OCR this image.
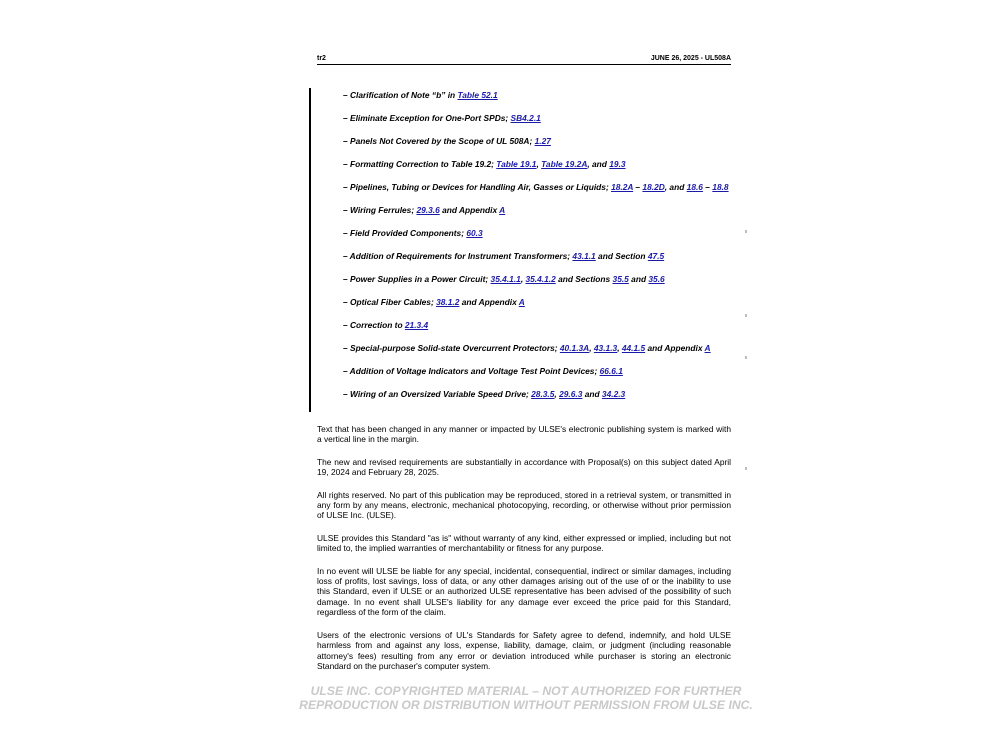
tr2	JUNE 26, 2025 - UL508A
– Clarification of Note “b” in Table 52.1
– Eliminate Exception for One-Port SPDs; SB4.2.1
– Panels Not Covered by the Scope of UL 508A; 1.27
– Formatting Correction to Table 19.2; Table 19.1, Table 19.2A, and 19.3
– Pipelines, Tubing or Devices for Handling Air, Gasses or Liquids; 18.2A – 18.2D, and 18.6 – 18.8
– Wiring Ferrules; 29.3.6 and Appendix A
– Field Provided Components; 60.3
– Addition of Requirements for Instrument Transformers; 43.1.1 and Section 47.5
– Power Supplies in a Power Circuit; 35.4.1.1, 35.4.1.2 and Sections 35.5 and 35.6
– Optical Fiber Cables; 38.1.2 and Appendix A
– Correction to 21.3.4
– Special-purpose Solid-state Overcurrent Protectors; 40.1.3A, 43.1.3, 44.1.5 and Appendix A
– Addition of Voltage Indicators and Voltage Test Point Devices; 66.6.1
– Wiring of an Oversized Variable Speed Drive; 28.3.5, 29.6.3 and 34.2.3

Text that has been changed in any manner or impacted by ULSE's electronic publishing system is marked with a vertical line in the margin.

The new and revised requirements are substantially in accordance with Proposal(s) on this subject dated April 19, 2024 and February 28, 2025.

All rights reserved. No part of this publication may be reproduced, stored in a retrieval system, or transmitted in any form by any means, electronic, mechanical photocopying, recording, or otherwise without prior permission of ULSE Inc. (ULSE).

ULSE provides this Standard "as is" without warranty of any kind, either expressed or implied, including but not limited to, the implied warranties of merchantability or fitness for any purpose.

In no event will ULSE be liable for any special, incidental, consequential, indirect or similar damages, including loss of profits, lost savings, loss of data, or any other damages arising out of the use of or the inability to use this Standard, even if ULSE or an authorized ULSE representative has been advised of the possibility of such damage. In no event shall ULSE's liability for any damage ever exceed the price paid for this Standard, regardless of the form of the claim.

Users of the electronic versions of UL's Standards for Safety agree to defend, indemnify, and hold ULSE harmless from and against any loss, expense, liability, damage, claim, or judgment (including reasonable attorney's fees) resulting from any error or deviation introduced while purchaser is storing an electronic Standard on the purchaser's computer system.

ULSE INC. COPYRIGHTED MATERIAL – NOT AUTHORIZED FOR FURTHER
REPRODUCTION OR DISTRIBUTION WITHOUT PERMISSION FROM ULSE INC.
